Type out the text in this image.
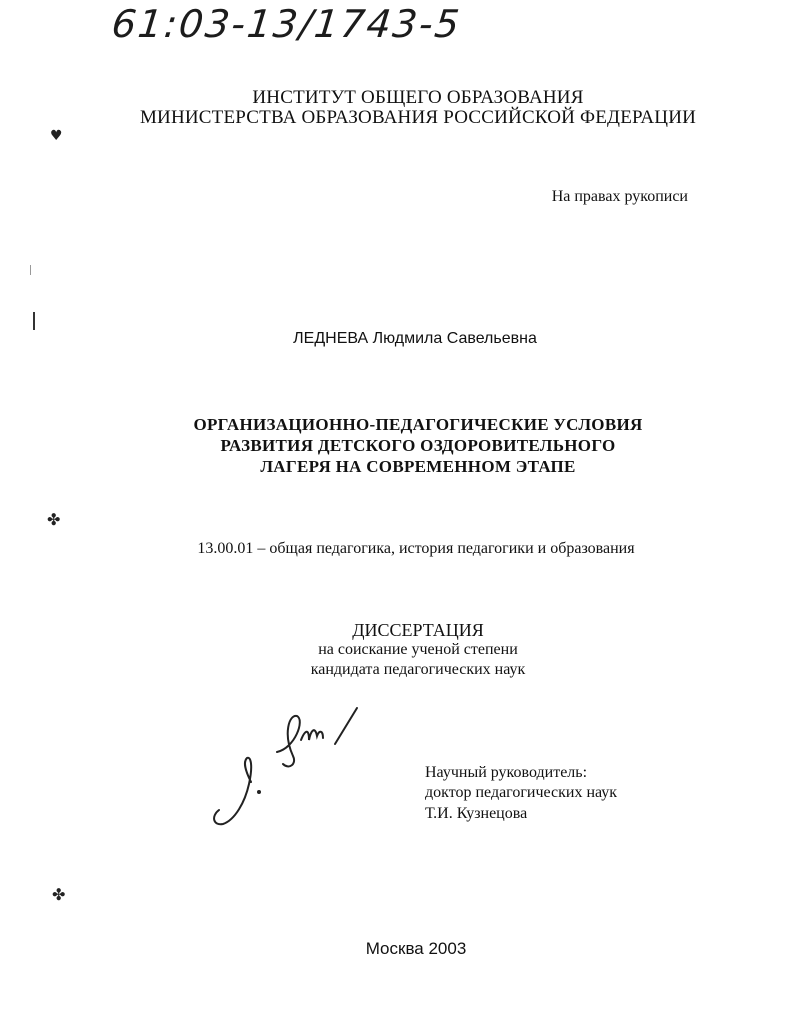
61:03-13/1743-5
ИНСТИТУТ ОБЩЕГО ОБРАЗОВАНИЯ
МИНИСТЕРСТВА ОБРАЗОВАНИЯ РОССИЙСКОЙ ФЕДЕРАЦИИ
На правах рукописи
ЛЕДНЕВА Людмила Савельевна
ОРГАНИЗАЦИОННО-ПЕДАГОГИЧЕСКИЕ УСЛОВИЯ
РАЗВИТИЯ ДЕТСКОГО ОЗДОРОВИТЕЛЬНОГО
ЛАГЕРЯ НА СОВРЕМЕННОМ ЭТАПЕ
13.00.01 – общая педагогика, история педагогики и образования
ДИССЕРТАЦИЯ
на соискание ученой степени
кандидата педагогических наук
Научный руководитель:
доктор педагогических наук
Т.И. Кузнецова
Москва 2003
♥
✤
✤
